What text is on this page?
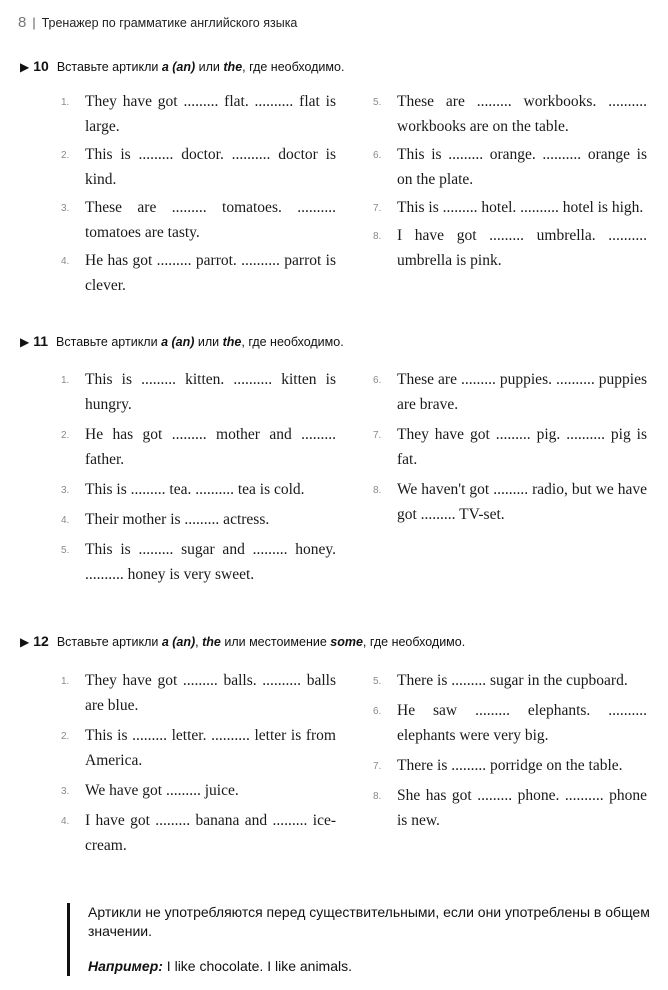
8 | Тренажер по грамматике английского языка
▶ 10 Вставьте артикли a (an) или the, где необходимо.
1. They have got ......... flat. .......... flat is large.
2. This is ......... doctor. .......... doctor is kind.
3. These are ......... tomatoes. .......... tomatoes are tasty.
4. He has got ......... parrot. .......... parrot is clever.
5. These are ......... workbooks. .......... workbooks are on the table.
6. This is ......... orange. .......... orange is on the plate.
7. This is ......... hotel. .......... hotel is high.
8. I have got ......... umbrella. .......... umbrella is pink.
▶ 11 Вставьте артикли a (an) или the, где необходимо.
1. This is ......... kitten. .......... kitten is hungry.
2. He has got ......... mother and ......... father.
3. This is ......... tea. .......... tea is cold.
4. Their mother is ......... actress.
5. This is ......... sugar and ......... honey. .......... honey is very sweet.
6. These are ......... puppies. .......... puppies are brave.
7. They have got ......... pig. .......... pig is fat.
8. We haven't got ......... radio, but we have got ......... TV-set.
▶ 12 Вставьте артикли a (an), the или местоимение some, где необходимо.
1. They have got ......... balls. .......... balls are blue.
2. This is ......... letter. .......... letter is from America.
3. We have got ......... juice.
4. I have got ......... banana and ......... ice-cream.
5. There is ......... sugar in the cupboard.
6. He saw ......... elephants. .......... elephants were very big.
7. There is ......... porridge on the table.
8. She has got ......... phone. .......... phone is new.
Артикли не употребляются перед существительными, если они употреблены в общем значении.
Например: I like chocolate. I like animals.
